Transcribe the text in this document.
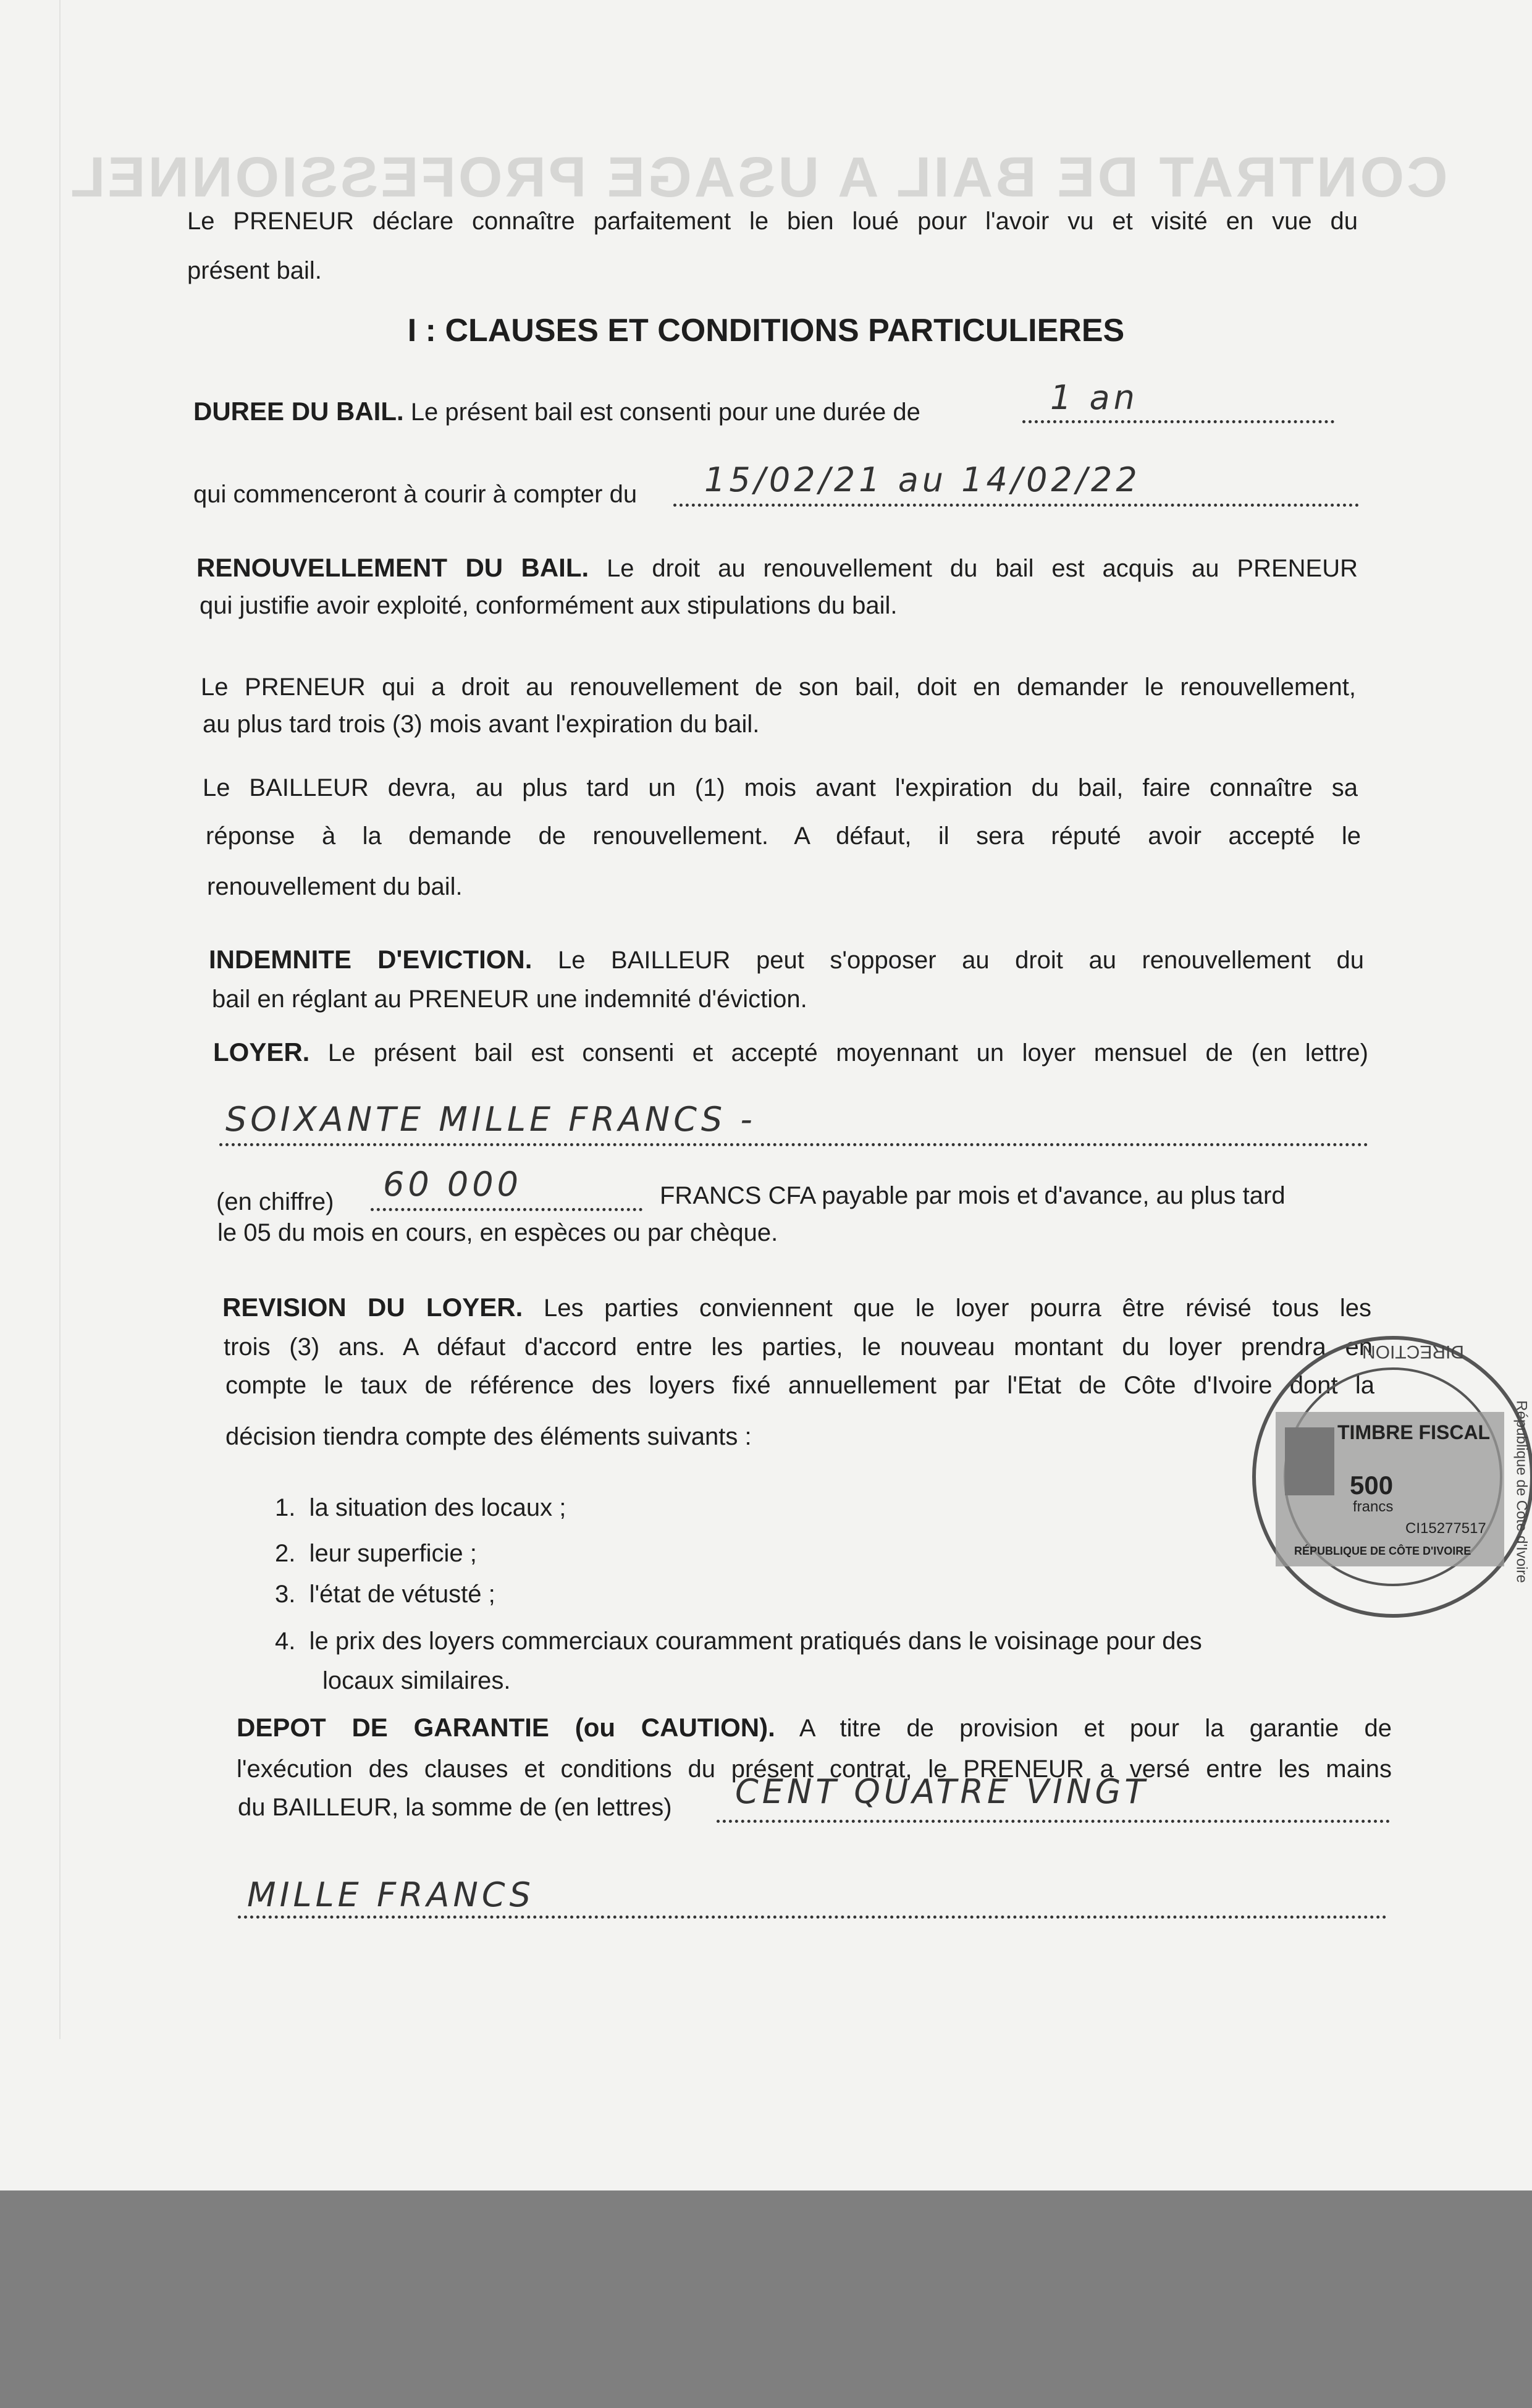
CONTRAT DE BAIL A USAGE PROFESSIONNEL
Le PRENEUR déclare connaître parfaitement le bien loué pour l'avoir vu et visité en vue du
présent bail.
I : CLAUSES ET CONDITIONS PARTICULIERES
DUREE DU BAIL. Le présent bail est consenti pour une durée de	1 an
qui commenceront à courir à compter du 15/02/21 au 14/02/22
RENOUVELLEMENT DU BAIL. Le droit au renouvellement du bail est acquis au PRENEUR
qui justifie avoir exploité, conformément aux stipulations du bail.
Le PRENEUR qui a droit au renouvellement de son bail, doit en demander le renouvellement,
au plus tard trois (3) mois avant l'expiration du bail.
Le BAILLEUR devra, au plus tard un (1) mois avant l'expiration du bail, faire connaître sa
réponse à la demande de renouvellement. A défaut, il sera réputé avoir accepté le
renouvellement du bail.
INDEMNITE D'EVICTION. Le BAILLEUR peut s'opposer au droit au renouvellement du
bail en réglant au PRENEUR une indemnité d'éviction.
LOYER. Le présent bail est consenti et accepté moyennant un loyer mensuel de (en lettre)
SOIXANTE MILLE FRANCS -
(en chiffre) 60 000	FRANCS CFA payable par mois et d'avance, au plus tard
le 05 du mois en cours, en espèces ou par chèque.
REVISION DU LOYER. Les parties conviennent que le loyer pourra être révisé tous les
trois (3) ans. A défaut d'accord entre les parties, le nouveau montant du loyer prendra en
compte le taux de référence des loyers fixé annuellement par l'Etat de Côte d'Ivoire dont la
décision tiendra compte des éléments suivants :
1. la situation des locaux ;
2. leur superficie ;
3. l'état de vétusté ;
4. le prix des loyers commerciaux couramment pratiqués dans le voisinage pour des
locaux similaires.
DEPOT DE GARANTIE (ou CAUTION). A titre de provision et pour la garantie de
l'exécution des clauses et conditions du présent contrat, le PRENEUR a versé entre les mains
du BAILLEUR, la somme de (en lettres) CENT QUATRE VINGT
MILLE FRANCS
TIMBRE FISCAL
500
francs
CI15277517
RÉPUBLIQUE DE CÔTE D'IVOIRE
DIRECTION
République de Côte d'Ivoire
